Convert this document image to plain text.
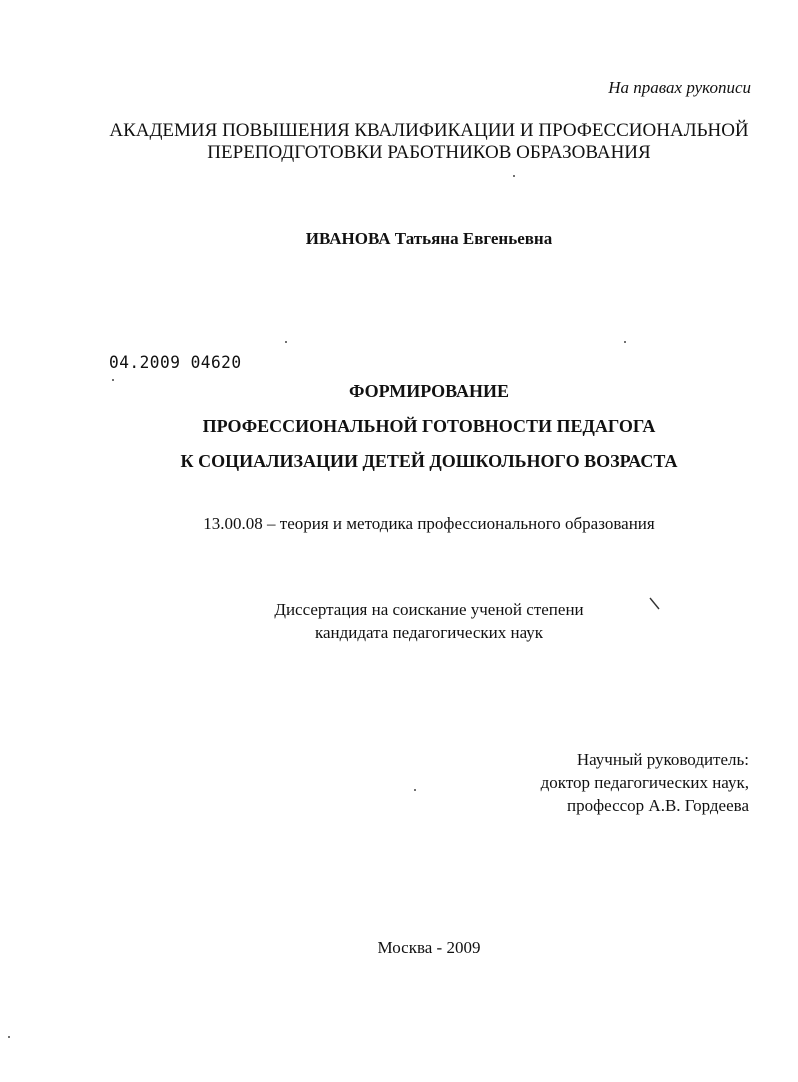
На правах рукописи
АКАДЕМИЯ ПОВЫШЕНИЯ КВАЛИФИКАЦИИ И ПРОФЕССИОНАЛЬНОЙ
ПЕРЕПОДГОТОВКИ РАБОТНИКОВ ОБРАЗОВАНИЯ
ИВАНОВА Татьяна Евгеньевна
04.2009 04620
ФОРМИРОВАНИЕ
ПРОФЕССИОНАЛЬНОЙ ГОТОВНОСТИ ПЕДАГОГА
К СОЦИАЛИЗАЦИИ ДЕТЕЙ ДОШКОЛЬНОГО ВОЗРАСТА
13.00.08 – теория и методика профессионального образования
Диссертация на соискание ученой степени
кандидата педагогических наук
Научный руководитель:
доктор педагогических наук,
профессор А.В. Гордеева
Москва - 2009
